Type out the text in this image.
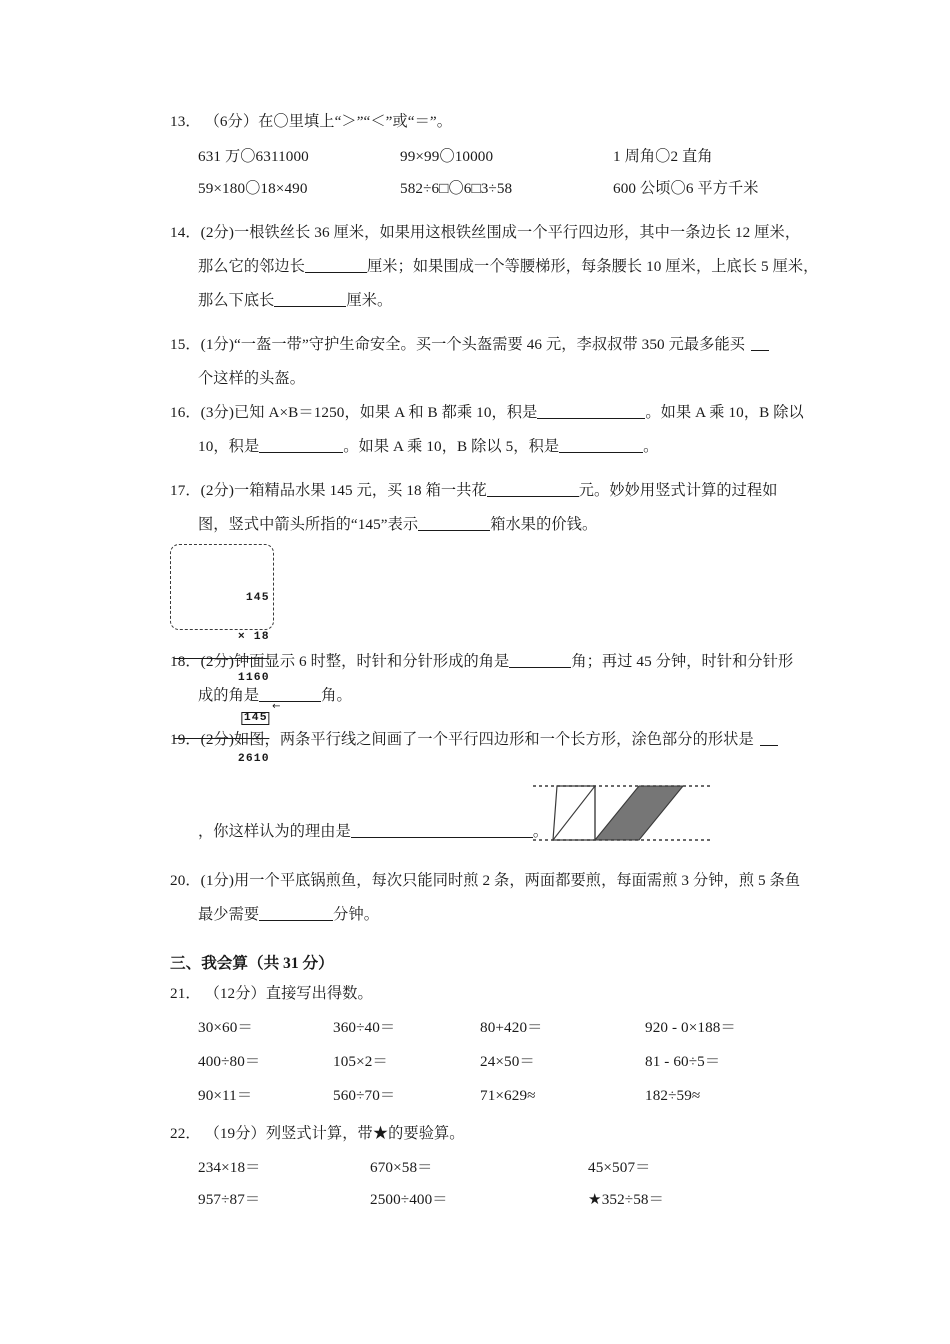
13． （6分）在〇里填上“＞”“＜”或“＝”。
631 万〇6311000	99×99〇10000	1 周角〇2 直角
59×180〇18×490	582÷6□〇6□3÷58	600 公顷〇6 平方千米
14．(2分)一根铁丝长 36 厘米，如果用这根铁丝围成一个平行四边形，其中一条边长 12 厘米，
那么它的邻边长	厘米；如果围成一个等腰梯形，每条腰长 10 厘米，上底长 5 厘米，
那么下底长	厘米。
15．(1分)“一盔一带”守护生命安全。买一个头盔需要 46 元，李叔叔带 350 元最多能买
个这样的头盔。
16．(3分)已知 A×B＝1250，如果 A 和 B 都乘 10，积是	。如果 A 乘 10，B 除以
10，积是	。如果 A 乘 10，B 除以 5，积是	。
17．(2分)一箱精品水果 145 元，买 18 箱一共花	元。妙妙用竖式计算的过程如
图，竖式中箭头所指的“145”表示	箱水果的价钱。

145

× 18

1160

145
←

2610

18．(2分)钟面显示 6 时整，时针和分针形成的角是	角；再过 45 分钟，时针和分针形
成的角是	角。
19．(2分)如图，两条平行线之间画了一个平行四边形和一个长方形，涂色部分的形状是
，你这样认为的理由是	。
20．(1分)用一个平底锅煎鱼，每次只能同时煎 2 条，两面都要煎，每面需煎 3 分钟，煎 5 条鱼
最少需要	分钟。
三、我会算（共 31 分）
21． （12分）直接写出得数。
30×60＝	360÷40＝	80+420＝	920 - 0×188＝
400÷80＝	105×2＝	24×50＝	81 - 60÷5＝
90×11＝	560÷70＝	71×629≈	182÷59≈
22． （19分）列竖式计算，带★的要验算。
234×18＝	670×58＝	45×507＝
957÷87＝	2500÷400＝	★352÷58＝
